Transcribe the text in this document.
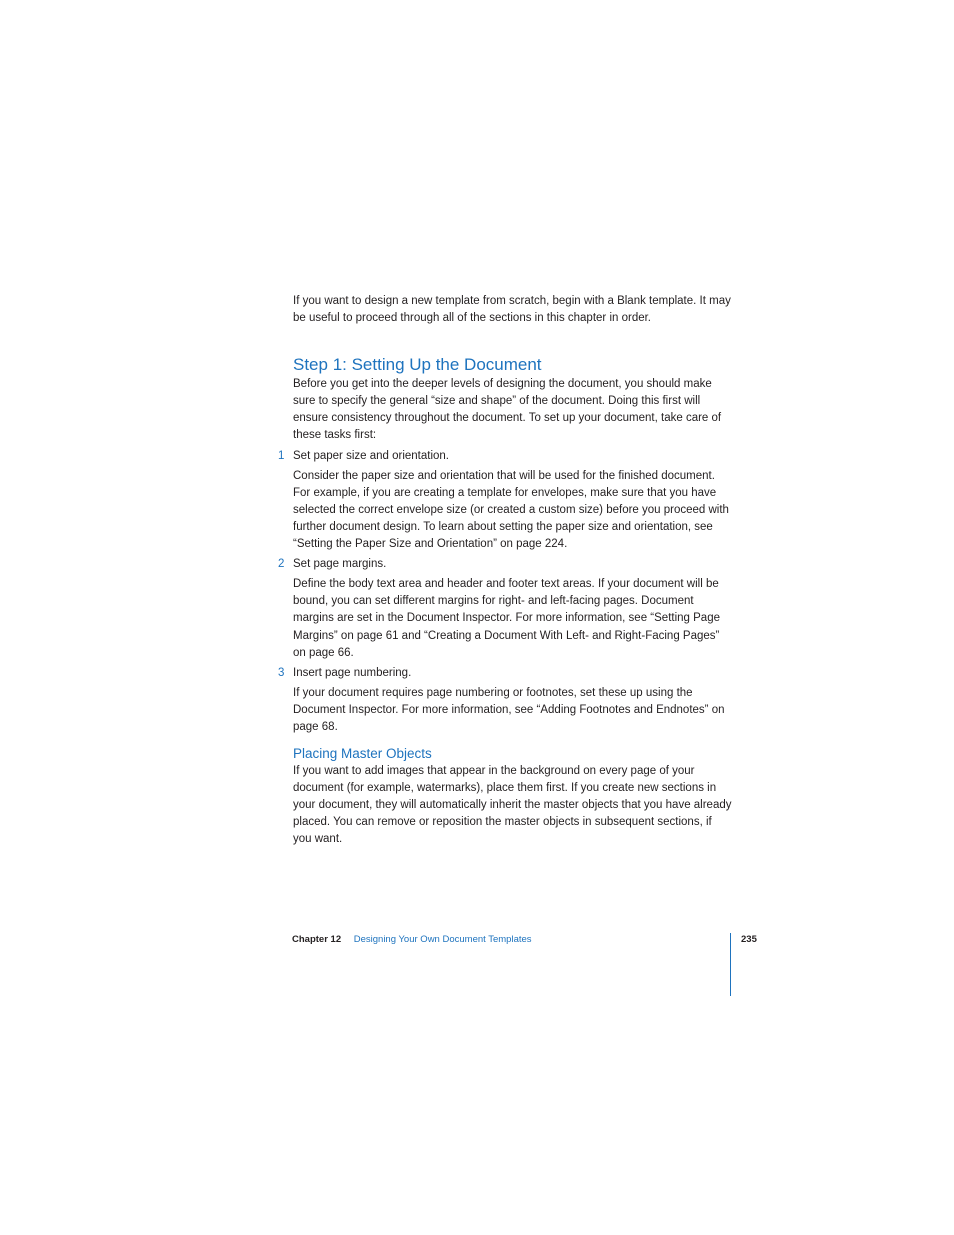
If you want to design a new template from scratch, begin with a Blank template. It may be useful to proceed through all of the sections in this chapter in order.

Step 1: Setting Up the Document

Before you get into the deeper levels of designing the document, you should make sure to specify the general “size and shape” of the document. Doing this first will ensure consistency throughout the document. To set up your document, take care of these tasks first:

1 Set paper size and orientation.

Consider the paper size and orientation that will be used for the finished document. For example, if you are creating a template for envelopes, make sure that you have selected the correct envelope size (or created a custom size) before you proceed with further document design. To learn about setting the paper size and orientation, see “Setting the Paper Size and Orientation” on page 224.

2 Set page margins.

Define the body text area and header and footer text areas. If your document will be bound, you can set different margins for right- and left-facing pages. Document margins are set in the Document Inspector. For more information, see “Setting Page Margins” on page 61 and “Creating a Document With Left- and Right-Facing Pages” on page 66.

3 Insert page numbering.

If your document requires page numbering or footnotes, set these up using the Document Inspector. For more information, see “Adding Footnotes and Endnotes” on page 68.

Placing Master Objects

If you want to add images that appear in the background on every page of your document (for example, watermarks), place them first. If you create new sections in your document, they will automatically inherit the master objects that you have already placed. You can remove or reposition the master objects in subsequent sections, if you want.

Chapter 12 Designing Your Own Document Templates	235
